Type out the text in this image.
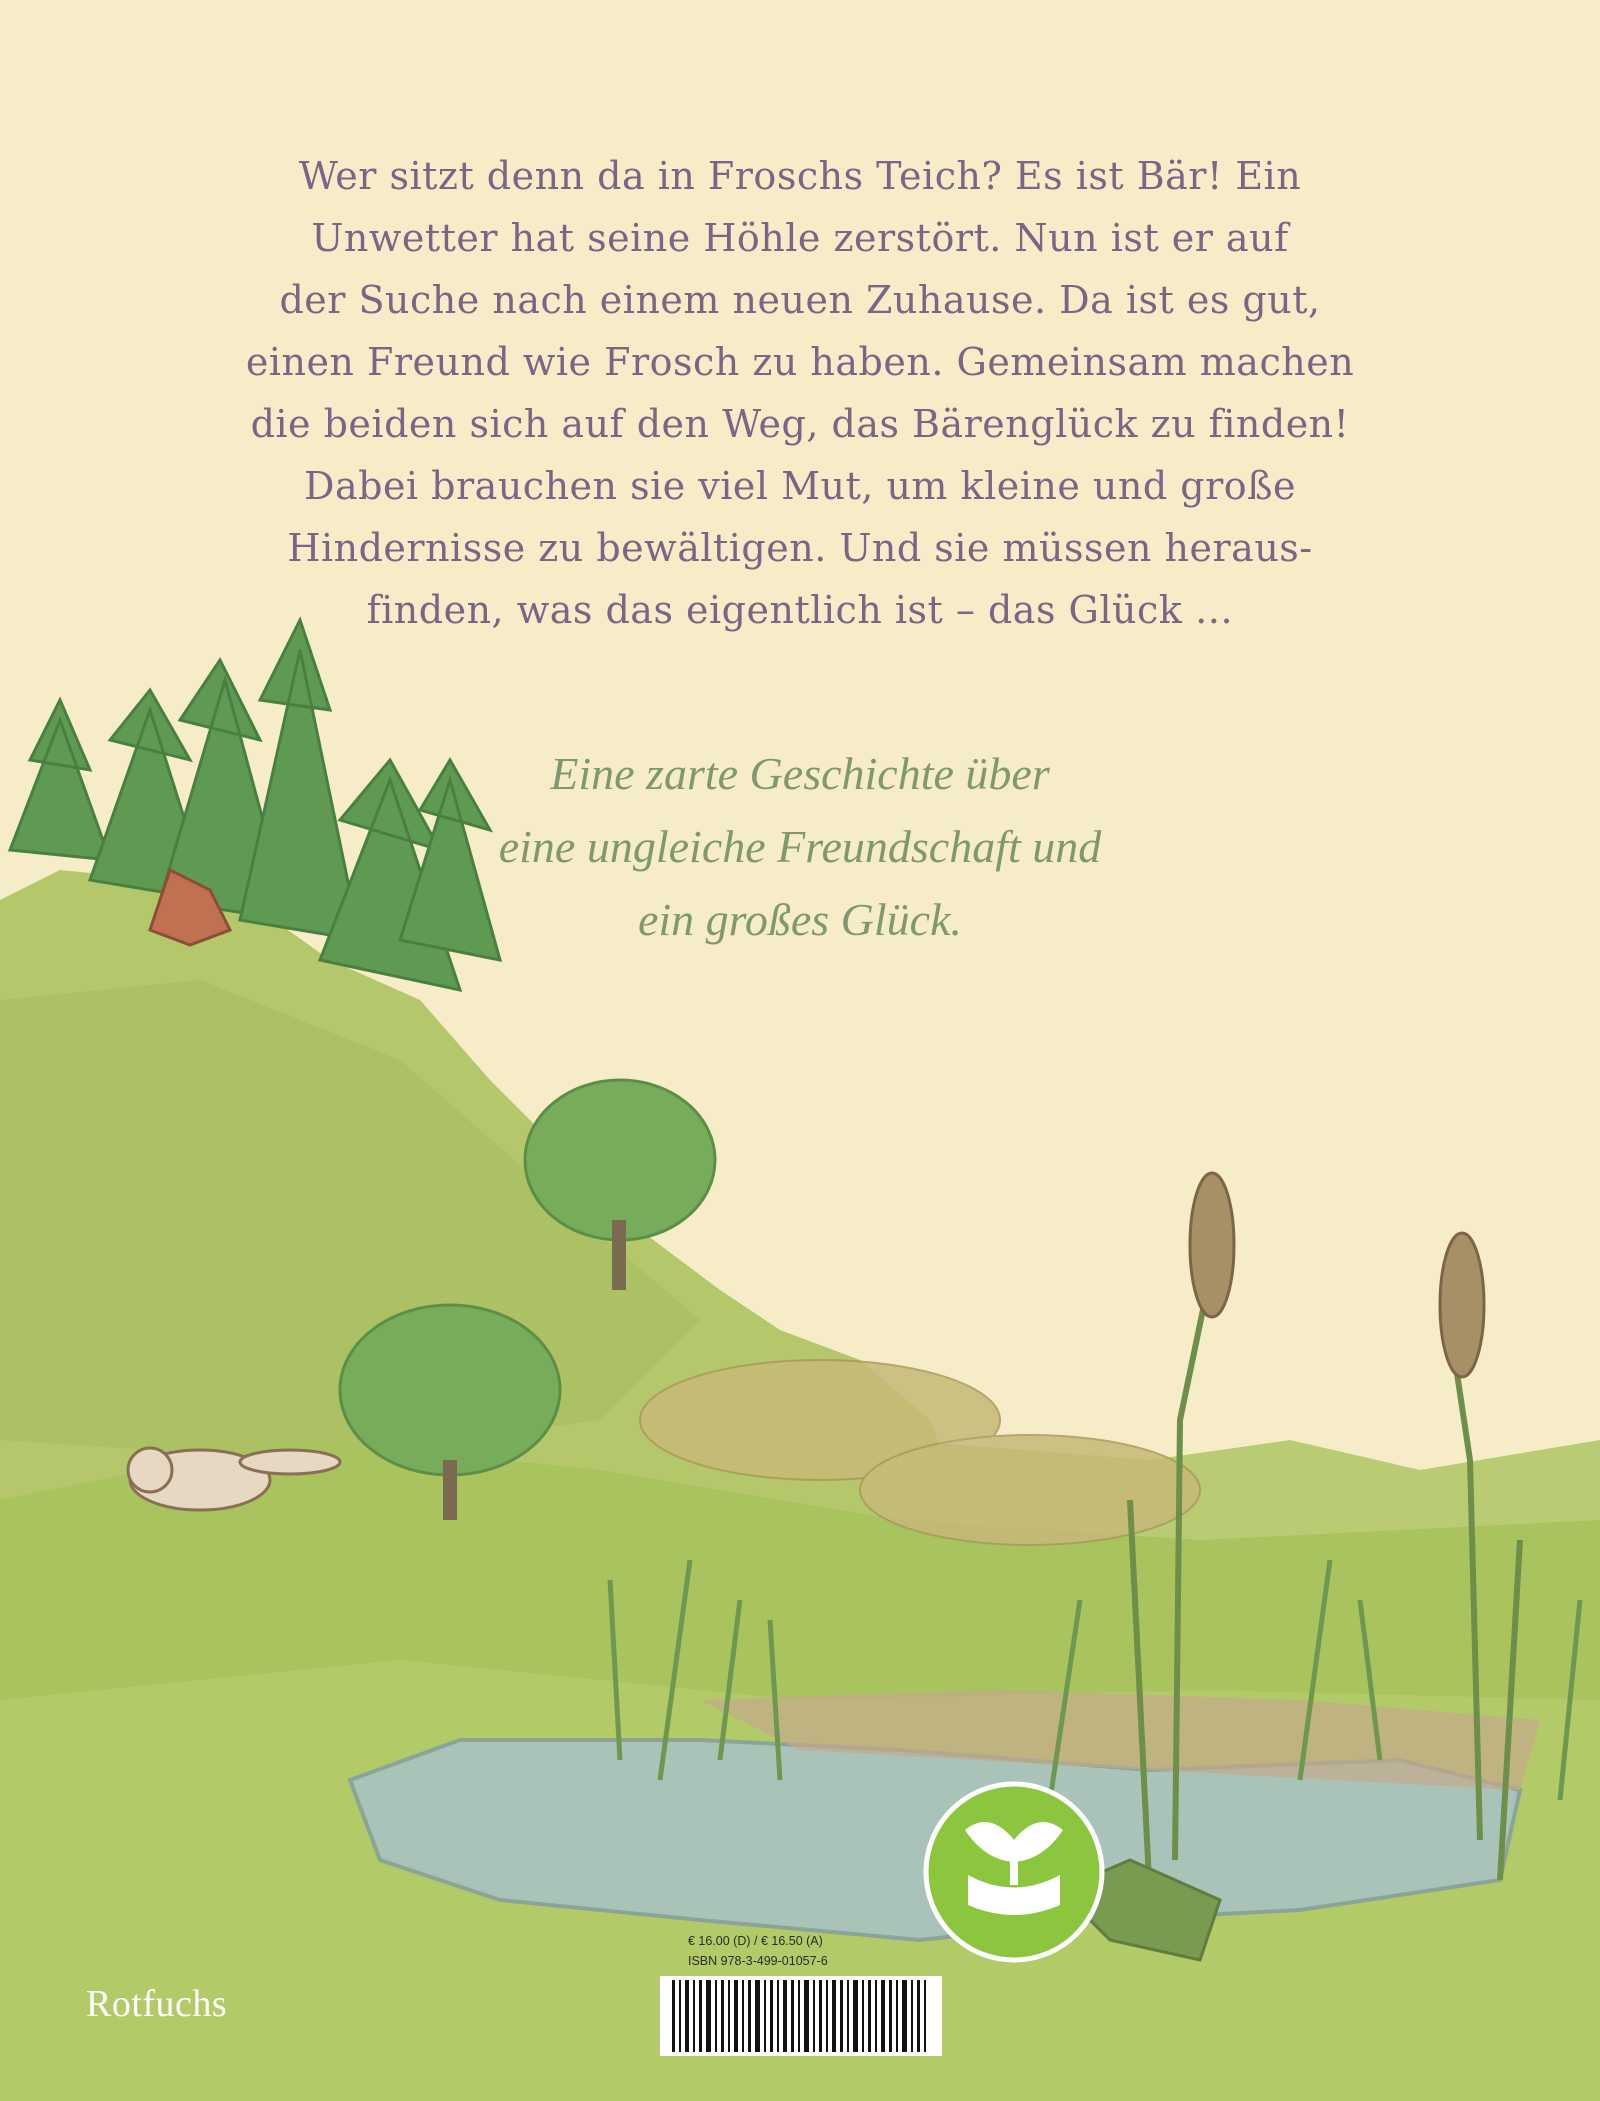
Wer sitzt denn da in Froschs Teich? Es ist Bär! Ein
Unwetter hat seine Höhle zerstört. Nun ist er auf
der Suche nach einem neuen Zuhause. Da ist es gut,
einen Freund wie Frosch zu haben. Gemeinsam machen
die beiden sich auf den Weg, das Bärenglück zu finden!
Dabei brauchen sie viel Mut, um kleine und große
Hindernisse zu bewältigen. Und sie müssen heraus-
finden, was das eigentlich ist – das Glück …
Eine zarte Geschichte über
eine ungleiche Freundschaft und
ein großes Glück.
Rotfuchs
€ 16.00 (D) / € 16.50 (A)
ISBN 978-3-499-01057-6
